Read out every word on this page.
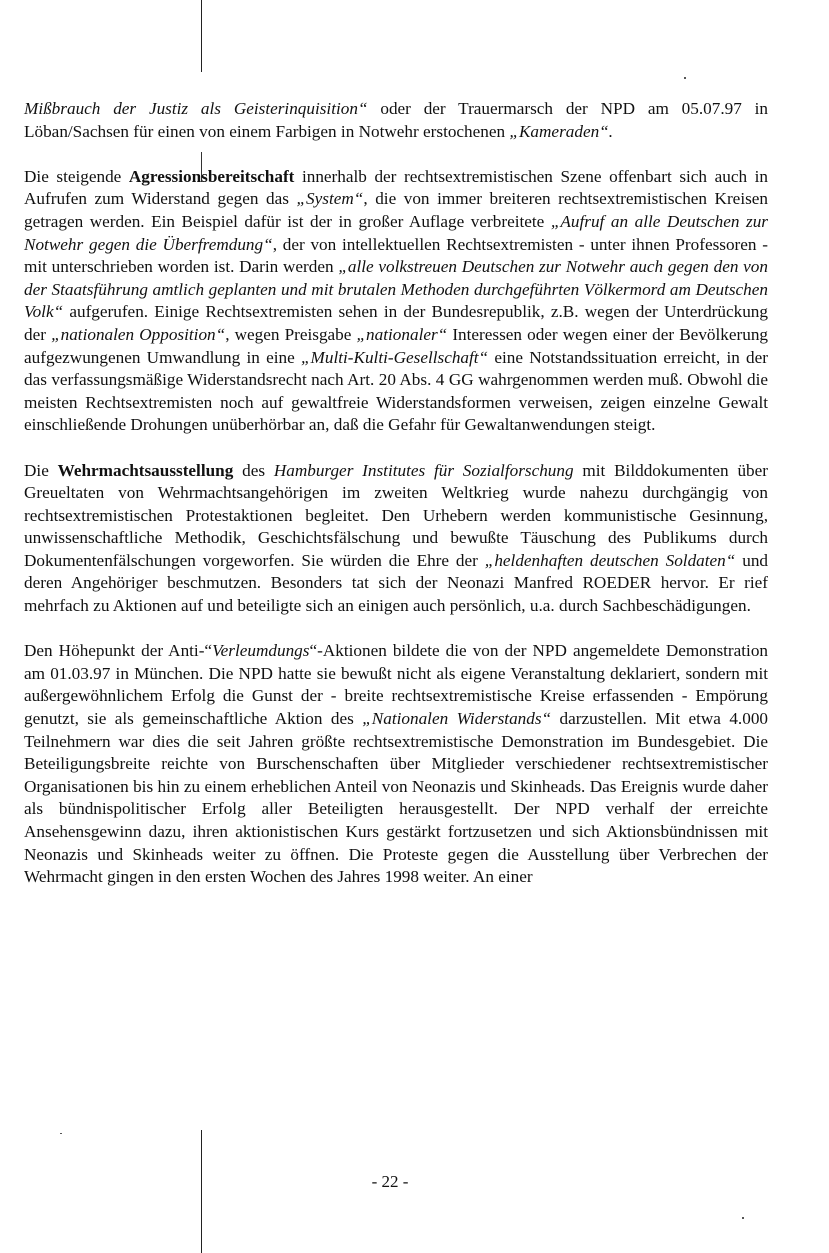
Mißbrauch der Justiz als Geisterinquisition“ oder der Trauermarsch der NPD am 05.07.97 in Löban/Sachsen für einen von einem Farbigen in Notwehr erstochenen „Kameraden“.

Die steigende Agressionsbereitschaft innerhalb der rechtsextremistischen Szene offenbart sich auch in Aufrufen zum Widerstand gegen das „System“, die von immer breiteren rechtsextremistischen Kreisen getragen werden. Ein Beispiel dafür ist der in großer Auflage verbreitete „Aufruf an alle Deutschen zur Notwehr gegen die Überfremdung“, der von intellektuellen Rechtsextremisten - unter ihnen Professoren - mit unterschrieben worden ist. Darin werden „alle volkstreuen Deutschen zur Notwehr auch gegen den von der Staatsführung amtlich geplanten und mit brutalen Methoden durchgeführten Völkermord am Deutschen Volk“ aufgerufen. Einige Rechtsextremisten sehen in der Bundesrepublik, z.B. wegen der Unterdrückung der „nationalen Opposition“, wegen Preisgabe „nationaler“ Interessen oder wegen einer der Bevölkerung aufgezwungenen Umwandlung in eine „Multi-Kulti-Gesellschaft“ eine Notstandssituation erreicht, in der das verfassungsmäßige Widerstandsrecht nach Art. 20 Abs. 4 GG wahrgenommen werden muß. Obwohl die meisten Rechtsextremisten noch auf gewaltfreie Widerstandsformen verweisen, zeigen einzelne Gewalt einschließende Drohungen unüberhörbar an, daß die Gefahr für Gewaltanwendungen steigt.

Die Wehrmachtsausstellung des Hamburger Institutes für Sozialforschung mit Bilddokumenten über Greueltaten von Wehrmachtsangehörigen im zweiten Weltkrieg wurde nahezu durchgängig von rechtsextremistischen Protestaktionen begleitet. Den Urhebern werden kommunistische Gesinnung, unwissenschaftliche Methodik, Geschichtsfälschung und bewußte Täuschung des Publikums durch Dokumentenfälschungen vorgeworfen. Sie würden die Ehre der „heldenhaften deutschen Soldaten“ und deren Angehöriger beschmutzen. Besonders tat sich der Neonazi Manfred ROEDER hervor. Er rief mehrfach zu Aktionen auf und beteiligte sich an einigen auch persönlich, u.a. durch Sachbeschädigungen.

Den Höhepunkt der Anti-“Verleumdungs“-Aktionen bildete die von der NPD angemeldete Demonstration am 01.03.97 in München. Die NPD hatte sie bewußt nicht als eigene Veranstaltung deklariert, sondern mit außergewöhnlichem Erfolg die Gunst der - breite rechtsextremistische Kreise erfassenden - Empörung genutzt, sie als gemeinschaftliche Aktion des „Nationalen Widerstands“ darzustellen. Mit etwa 4.000 Teilnehmern war dies die seit Jahren größte rechtsextremistische Demonstration im Bundesgebiet. Die Beteiligungsbreite reichte von Burschenschaften über Mitglieder verschiedener rechtsextremistischer Organisationen bis hin zu einem erheblichen Anteil von Neonazis und Skinheads. Das Ereignis wurde daher als bündnispolitischer Erfolg aller Beteiligten herausgestellt. Der NPD verhalf der erreichte Ansehensgewinn dazu, ihren aktionistischen Kurs gestärkt fortzusetzen und sich Aktionsbündnissen mit Neonazis und Skinheads weiter zu öffnen. Die Proteste gegen die Ausstellung über Verbrechen der Wehrmacht gingen in den ersten Wochen des Jahres 1998 weiter. An einer

- 22 -
